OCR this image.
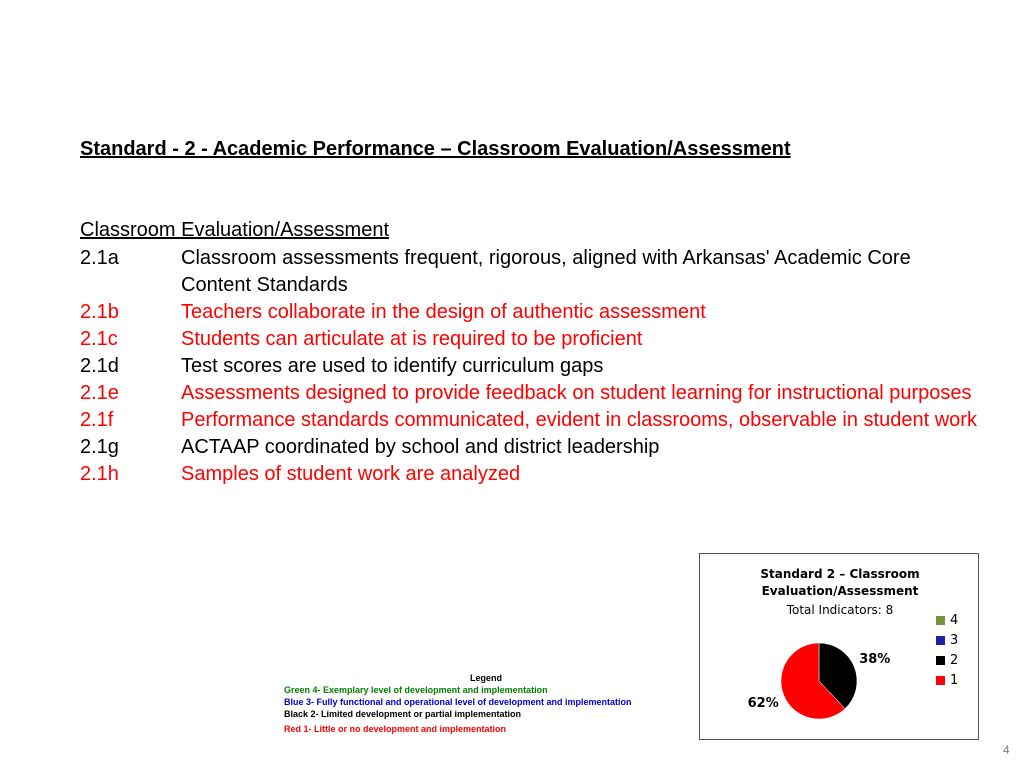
Standard - 2 - Academic Performance – Classroom Evaluation/Assessment
Classroom Evaluation/Assessment
2.1a	Classroom assessments frequent, rigorous, aligned with Arkansas' Academic Core Content Standards
2.1b	Teachers collaborate in the design of authentic assessment
2.1c	Students can articulate at is required to be proficient
2.1d	Test scores are used to identify curriculum gaps
2.1e	Assessments designed to provide feedback on student learning for instructional purposes
2.1f	Performance standards communicated, evident in classrooms, observable in student work
2.1g	ACTAAP coordinated by school and district leadership
2.1h	Samples of student work are analyzed
Legend
Green 4- Exemplary level of development and implementation
Blue 3- Fully functional and operational level of development and implementation
Black 2- Limited development or partial implementation
Red 1- Little or no development and implementation
38%
62%
Standard 2 – Classroom
Evaluation/Assessment
Total Indicators: 8
4
3
2
1
4
